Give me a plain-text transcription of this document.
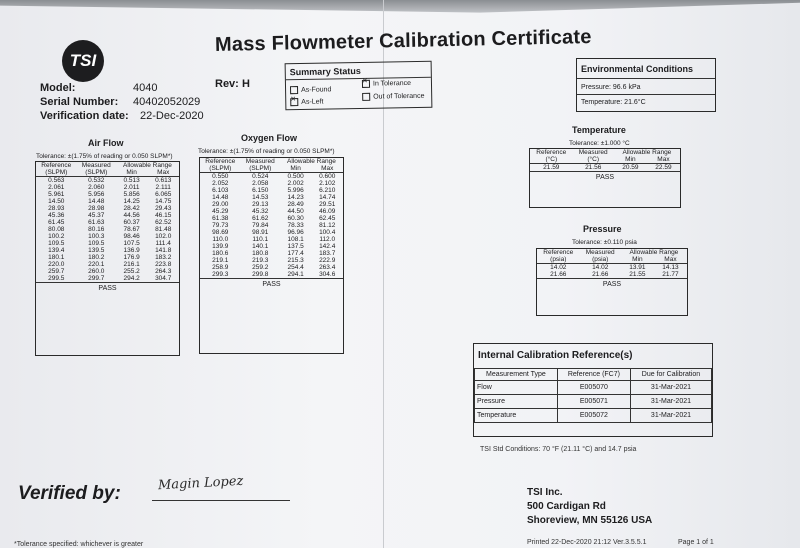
TSI
Mass Flowmeter Calibration Certificate
Model:	4040	Rev: H
Serial Number: 40402052029
Verification date: 22-Dec-2020
Summary Status
As-Found
✕As-Left
✕In Tolerance
Out of Tolerance
Environmental Conditions
Pressure: 96.6 kPa
Temperature: 21.6°C
Air Flow
Tolerance: ±(1.75% of reading or 0.050 SLPM*)
Reference	Measured	Allowable Range	
(SLPM)	(SLPM)	Min	Max
0.563	0.532	0.513	0.613
2.061	2.060	2.011	2.111
5.961	5.956	5.856	6.065
14.50	14.48	14.25	14.75
28.93	28.98	28.42	29.43
45.36	45.37	44.56	46.15
61.45	61.63	60.37	62.52
80.08	80.16	78.67	81.48
100.2	100.3	98.46	102.0
109.5	109.5	107.5	111.4
139.4	139.5	136.9	141.8
180.1	180.2	176.9	183.2
220.0	220.1	216.1	223.8
259.7	260.0	255.2	264.3
299.5	299.7	294.2	304.7
PASS			
Oxygen Flow
Tolerance: ±(1.75% of reading or 0.050 SLPM*)
Reference	Measured	Allowable Range	
(SLPM)	(SLPM)	Min	Max
0.550	0.524	0.500	0.600
2.052	2.058	2.002	2.102
6.103	6.150	5.996	6.210
14.48	14.53	14.23	14.74
29.00	29.13	28.49	29.51
45.29	45.32	44.50	46.09
61.38	61.62	60.30	62.45
79.73	79.84	78.33	81.12
98.69	98.91	96.96	100.4
110.0	110.1	108.1	112.0
139.9	140.1	137.5	142.4
180.6	180.8	177.4	183.7
219.1	219.3	215.3	222.9
258.9	259.2	254.4	263.4
299.3	299.8	294.1	304.6
PASS			
Temperature
Tolerance: ±1.000 °C
Reference	Measured	Allowable Range	
(°C)	(°C)	Min	Max
21.59	21.56	20.59	22.59
PASS			
Pressure
Tolerance: ±0.110 psia
Reference	Measured	Allowable Range	
(psia)	(psia)	Min	Max
14.02	14.02	13.91	14.13
21.66	21.66	21.55	21.77
PASS			
Internal Calibration Reference(s)
Measurement Type	Reference (FC7)	Due for Calibration
Flow	E005070	31-Mar-2021
Pressure	E005071	31-Mar-2021
Temperature	E005072	31-Mar-2021
TSI Std Conditions: 70 °F (21.11 °C) and 14.7 psia
Verified by:	Magin Lopez	TSI Inc.
500 Cardigan Rd
Shoreview, MN 55126 USA
*Tolerance specified: whichever is greater	Printed 22-Dec-2020 21:12 Ver.3.5.5.1	Page 1 of 1
